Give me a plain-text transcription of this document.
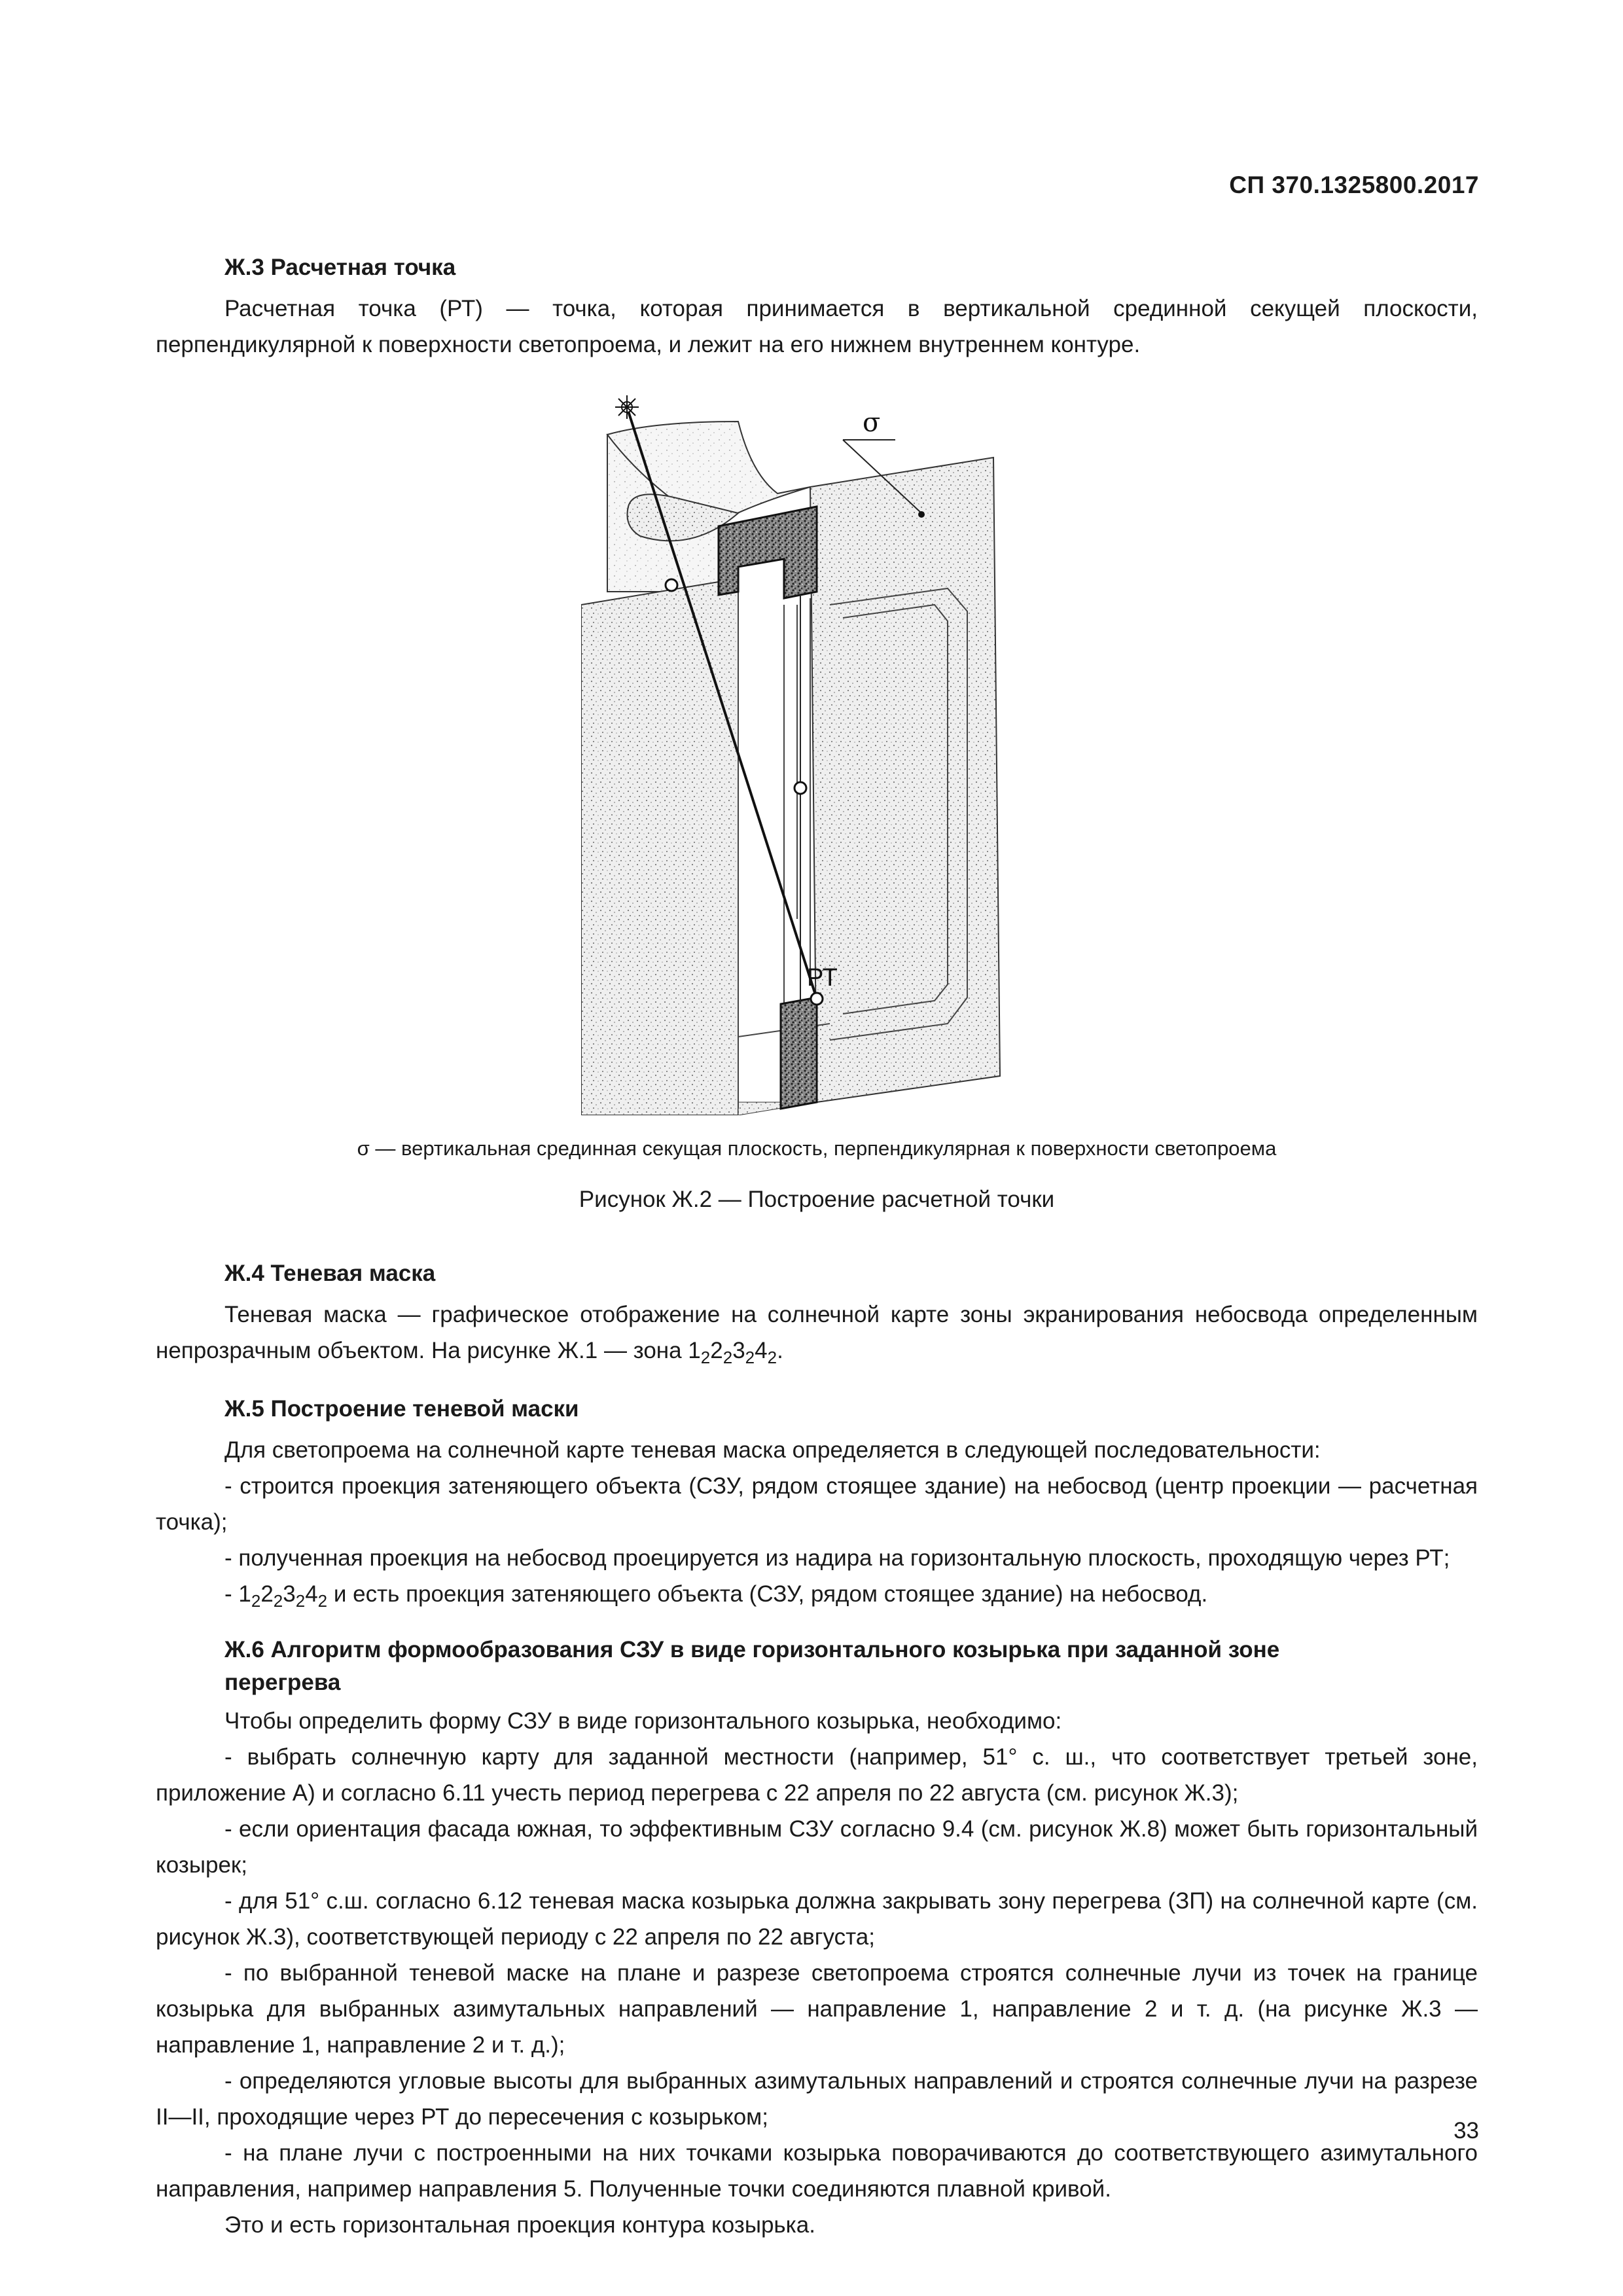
СП 370.1325800.2017
Ж.3 Расчетная точка

Расчетная точка (РТ) — точка, которая принимается в вертикальной срединной секущей плоскости, перпендикулярной к поверхности светопроема, и лежит на его нижнем внутреннем контуре.

σ
РТ
σ — вертикальная срединная секущая плоскость, перпендикулярная к поверхности светопроема
Рисунок Ж.2 — Построение расчетной точки
Ж.4 Теневая маска

Теневая маска — графическое отображение на солнечной карте зоны экранирования небосвода определенным непрозрачным объектом. На рисунке Ж.1 — зона $1_22_23_24_2$.

Ж.5 Построение теневой маски

Для светопроема на солнечной карте теневая маска определяется в следующей последовательности:

- строится проекция затеняющего объекта (СЗУ, рядом стоящее здание) на небосвод (центр проекции — расчетная точка);

- полученная проекция на небосвод проецируется из надира на горизонтальную плоскость, проходящую через РТ;

- $1_22_23_24_2$ и есть проекция затеняющего объекта (СЗУ, рядом стоящее здание) на небосвод.

Ж.6 Алгоритм формообразования СЗУ в виде горизонтального козырька при заданной зоне перегрева

Чтобы определить форму СЗУ в виде горизонтального козырька, необходимо:

- выбрать солнечную карту для заданной местности (например, 51° с. ш., что соответствует третьей зоне, приложение А) и согласно 6.11 учесть период перегрева с 22 апреля по 22 августа (см. рисунок Ж.3);

- если ориентация фасада южная, то эффективным СЗУ согласно 9.4 (см. рисунок Ж.8) может быть горизонтальный козырек;

- для 51° с.ш. согласно 6.12 теневая маска козырька должна закрывать зону перегрева (ЗП) на солнечной карте (см. рисунок Ж.3), соответствующей периоду с 22 апреля по 22 августа;

- по выбранной теневой маске на плане и разрезе светопроема строятся солнечные лучи из точек на границе козырька для выбранных азимутальных направлений — направление 1, направление 2 и т. д. (на рисунке Ж.3 — направление 1, направление 2 и т. д.);

- определяются угловые высоты для выбранных азимутальных направлений и строятся солнечные лучи на разрезе II—II, проходящие через РТ до пересечения с козырьком;

- на плане лучи с построенными на них точками козырька поворачиваются до соответствующего азимутального направления, например направления 5. Полученные точки соединяются плавной кривой.

Это и есть горизонтальная проекция контура козырька.

33
